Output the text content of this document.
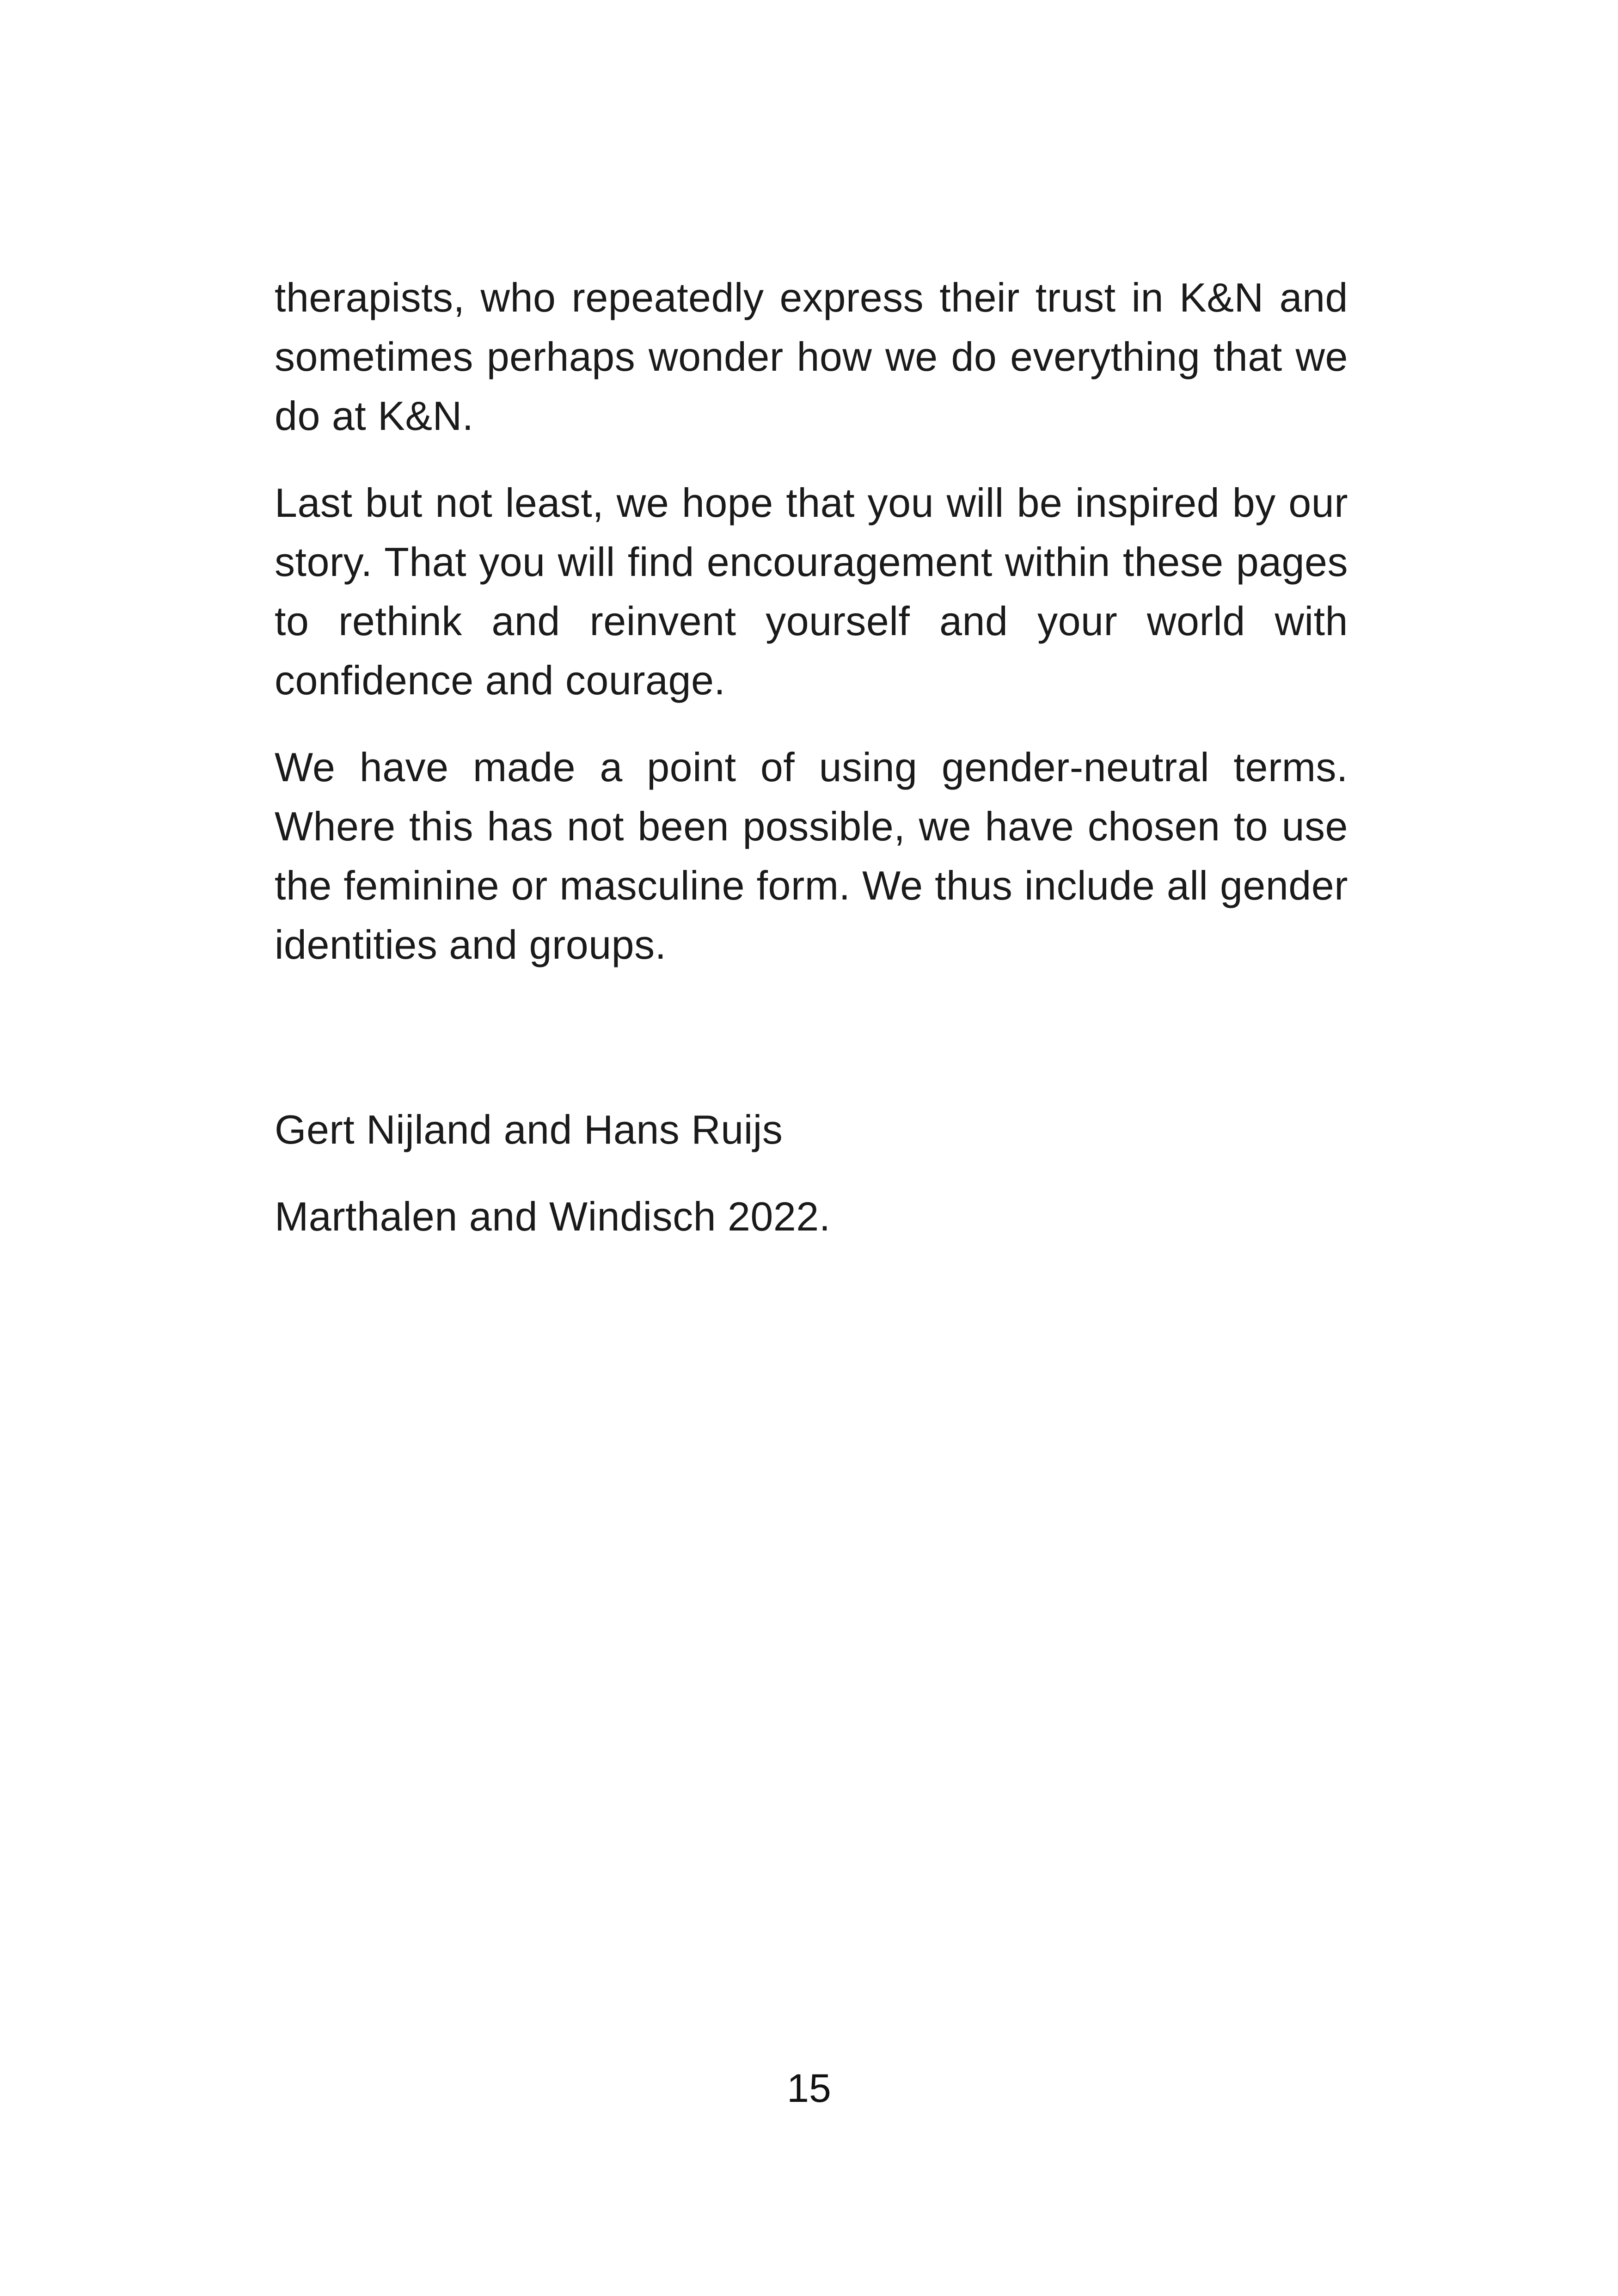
therapists, who repeatedly express their trust in K&N and sometimes perhaps wonder how we do everything that we do at K&N.

Last but not least, we hope that you will be inspired by our story. That you will find encouragement within these pages to rethink and reinvent yourself and your world with confidence and courage.

We have made a point of using gender-neutral terms. Where this has not been possible, we have chosen to use the feminine or masculine form. We thus include all gender identities and groups.

Gert Nijland and Hans Ruijs

Marthalen and Windisch 2022.

15
